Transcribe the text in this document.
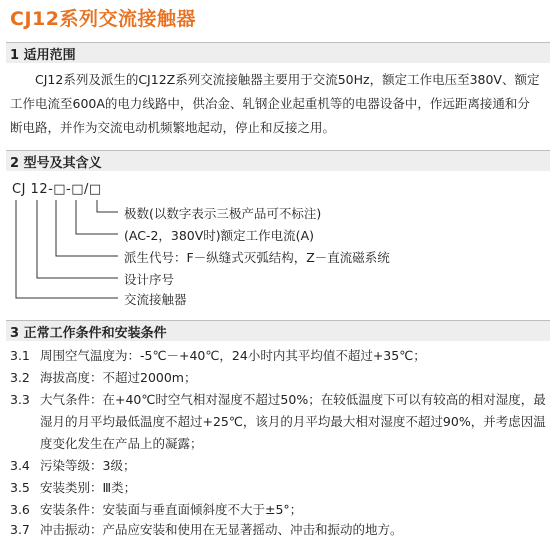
CJ12系列交流接触器
1 适用范围
CJ12系列及派生的CJ12Z系列交流接触器主要用于交流50Hz，额定工作电压至380V、额定
工作电流至600A的电力线路中，供冶金、轧钢企业起重机等的电器设备中，作远距离接通和分
断电路，并作为交流电动机频繁地起动，停止和反接之用。
2 型号及其含义
CJ 12-□-□/□
极数(以数字表示三极产品可不标注)
(AC-2，380V时)额定工作电流(A)
派生代号：F－纵缝式灭弧结构，Z－直流磁系统
设计序号
交流接触器
3 正常工作条件和安装条件
3.1 周围空气温度为：-5℃－+40℃，24小时内其平均值不超过+35℃；
3.2 海拔高度：不超过2000m；
3.3 大气条件：在+40℃时空气相对湿度不超过50%；在较低温度下可以有较高的相对湿度，最
湿月的月平均最低温度不超过+25℃，该月的月平均最大相对湿度不超过90%，并考虑因温
度变化发生在产品上的凝露；
3.4 污染等级：3级；
3.5 安装类别：Ⅲ类；
3.6 安装条件：安装面与垂直面倾斜度不大于±5°；
3.7 冲击振动：产品应安装和使用在无显著摇动、冲击和振动的地方。
